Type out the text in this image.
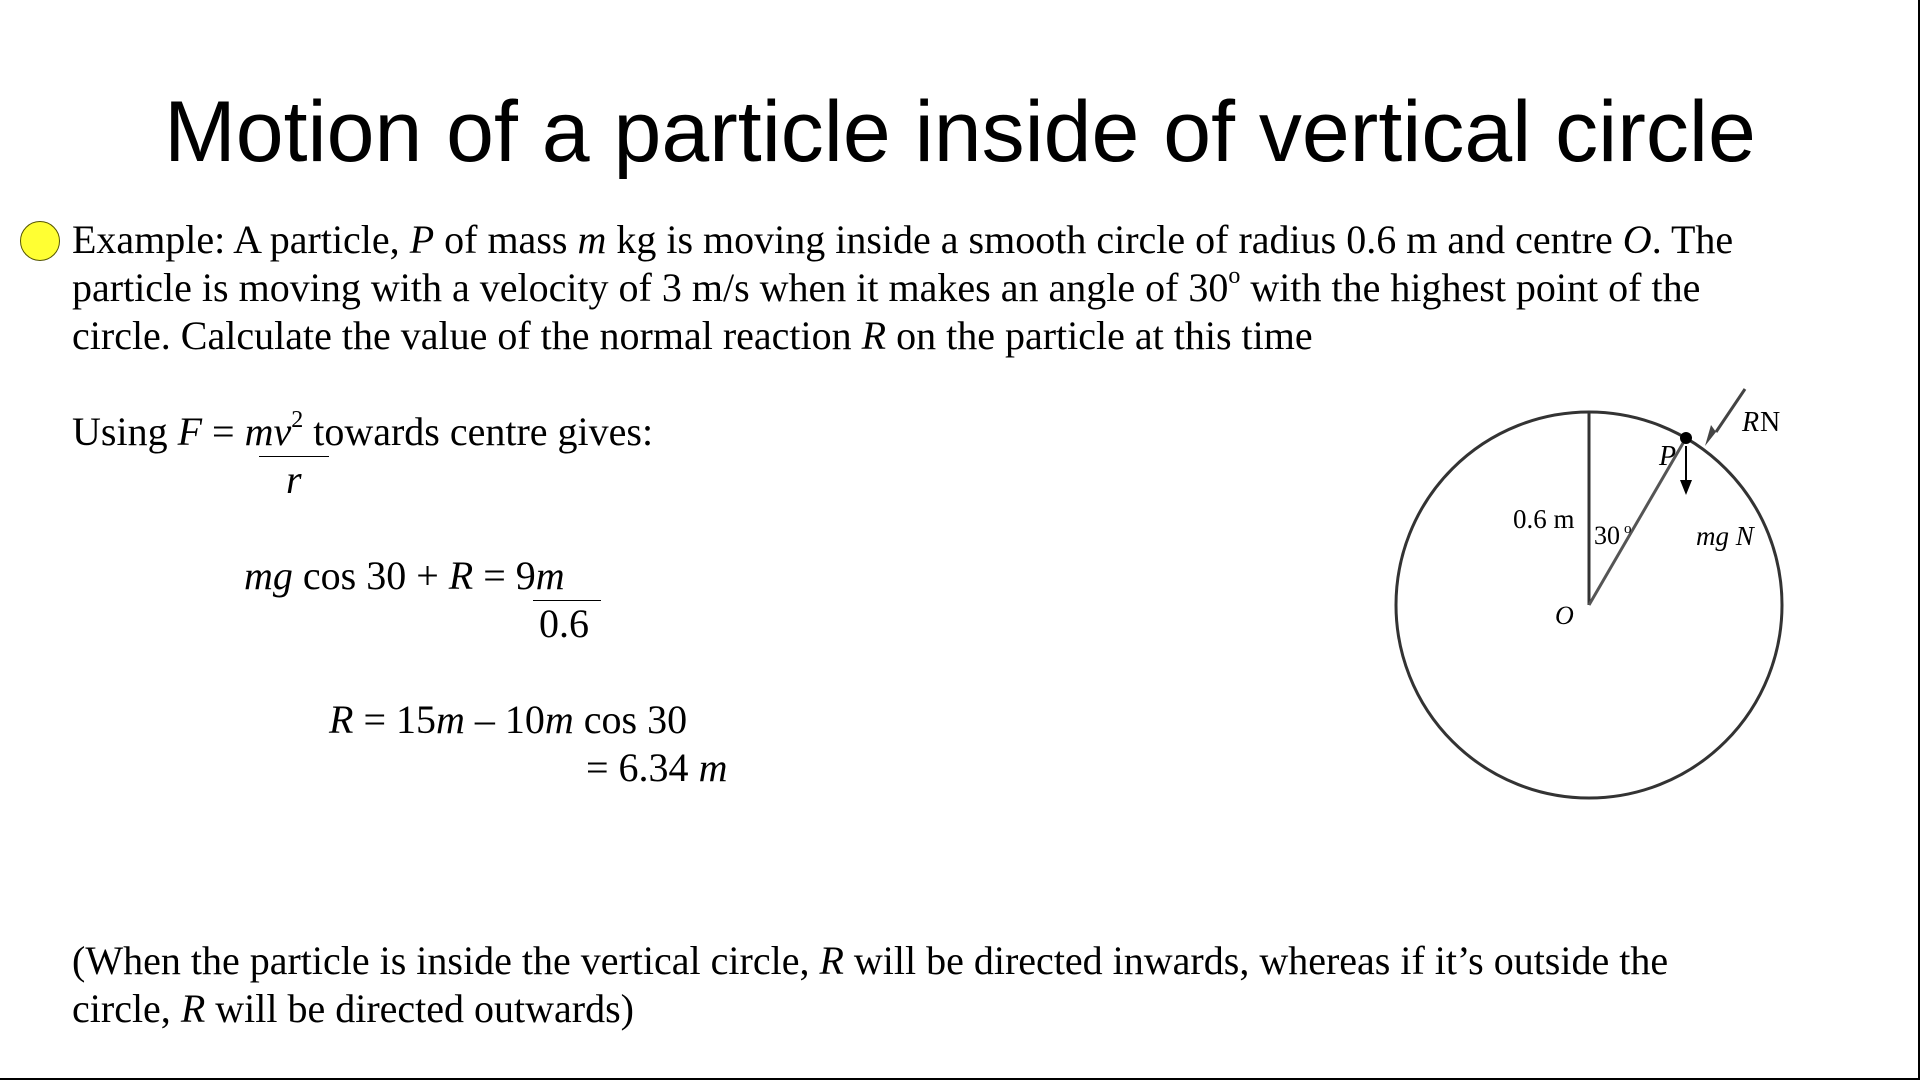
Motion of a particle inside of vertical circle
Example: A particle, P of mass m kg is moving inside a smooth circle of radius 0.6 m and centre O. The
particle is moving with a velocity of 3 m/s when it makes an angle of 30$^o$ with the highest point of the
circle. Calculate the value of the normal reaction R on the particle at this time
Using $F = mv^2$ towards centre gives:
r
mg cos 30 + R = 9m
0.6
R = 15m – 10m cos 30
= 6.34 m
(When the particle is inside the vertical circle, R will be directed inwards, whereas if it’s outside the
circle, R will be directed outwards)
R N
P
0.6 m
30 o mg N
O
